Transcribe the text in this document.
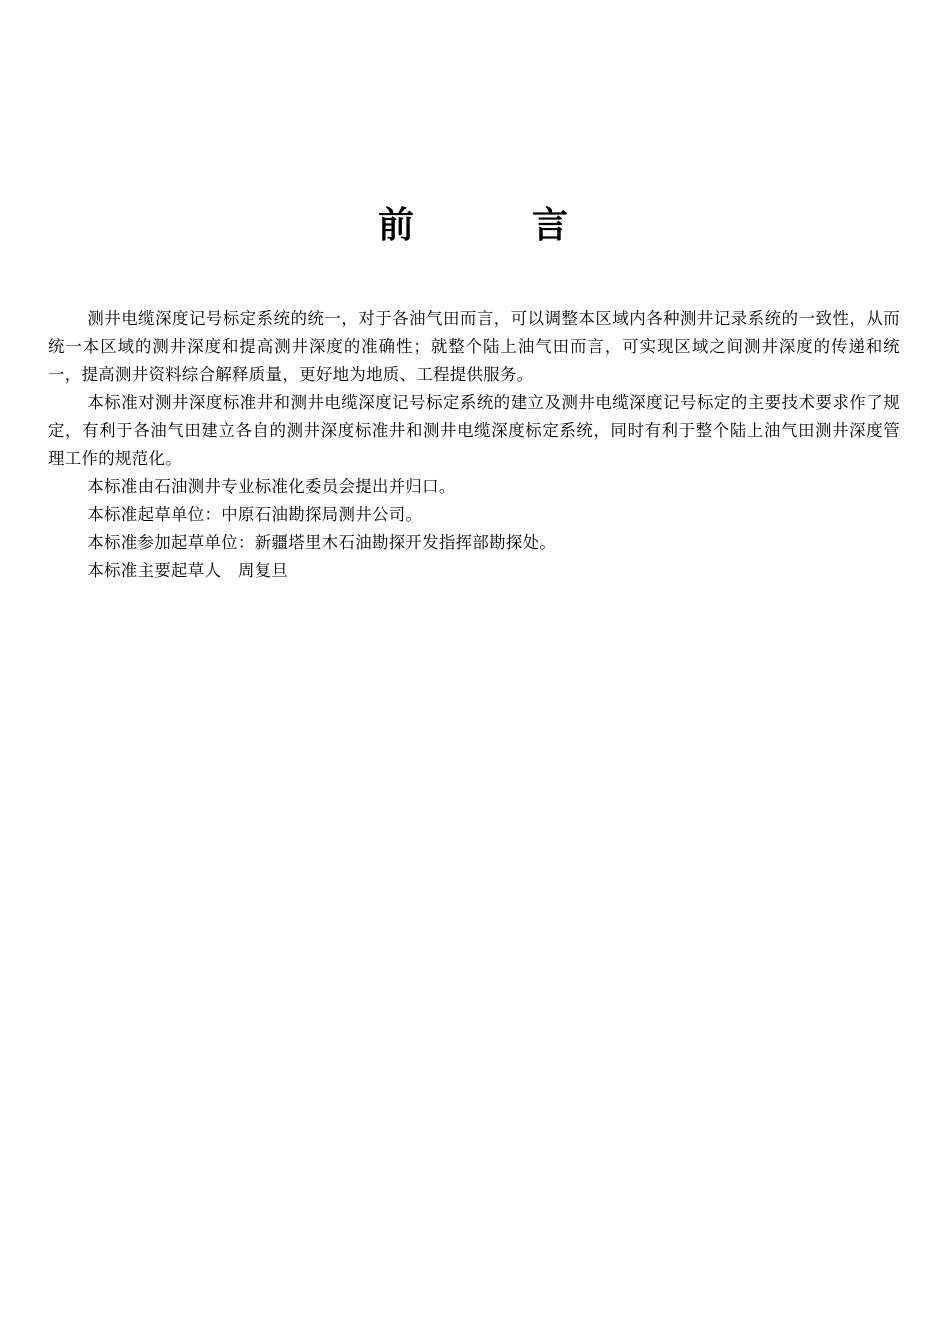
前	言

测井电缆深度记号标定系统的统一，对于各油气田而言，可以调整本区域内各种测井记录系统的一致性，从而统一本区域的测井深度和提高测井深度的准确性；就整个陆上油气田而言，可实现区域之间测井深度的传递和统一，提高测井资料综合解释质量，更好地为地质、工程提供服务。

本标准对测井深度标准井和测井电缆深度记号标定系统的建立及测井电缆深度记号标定的主要技术要求作了规定，有利于各油气田建立各自的测井深度标准井和测井电缆深度标定系统，同时有利于整个陆上油气田测井深度管理工作的规范化。

本标准由石油测井专业标准化委员会提出并归口。

本标准起草单位：中原石油勘探局测井公司。

本标准参加起草单位：新疆塔里木石油勘探开发指挥部勘探处。

本标准主要起草人　周复旦
